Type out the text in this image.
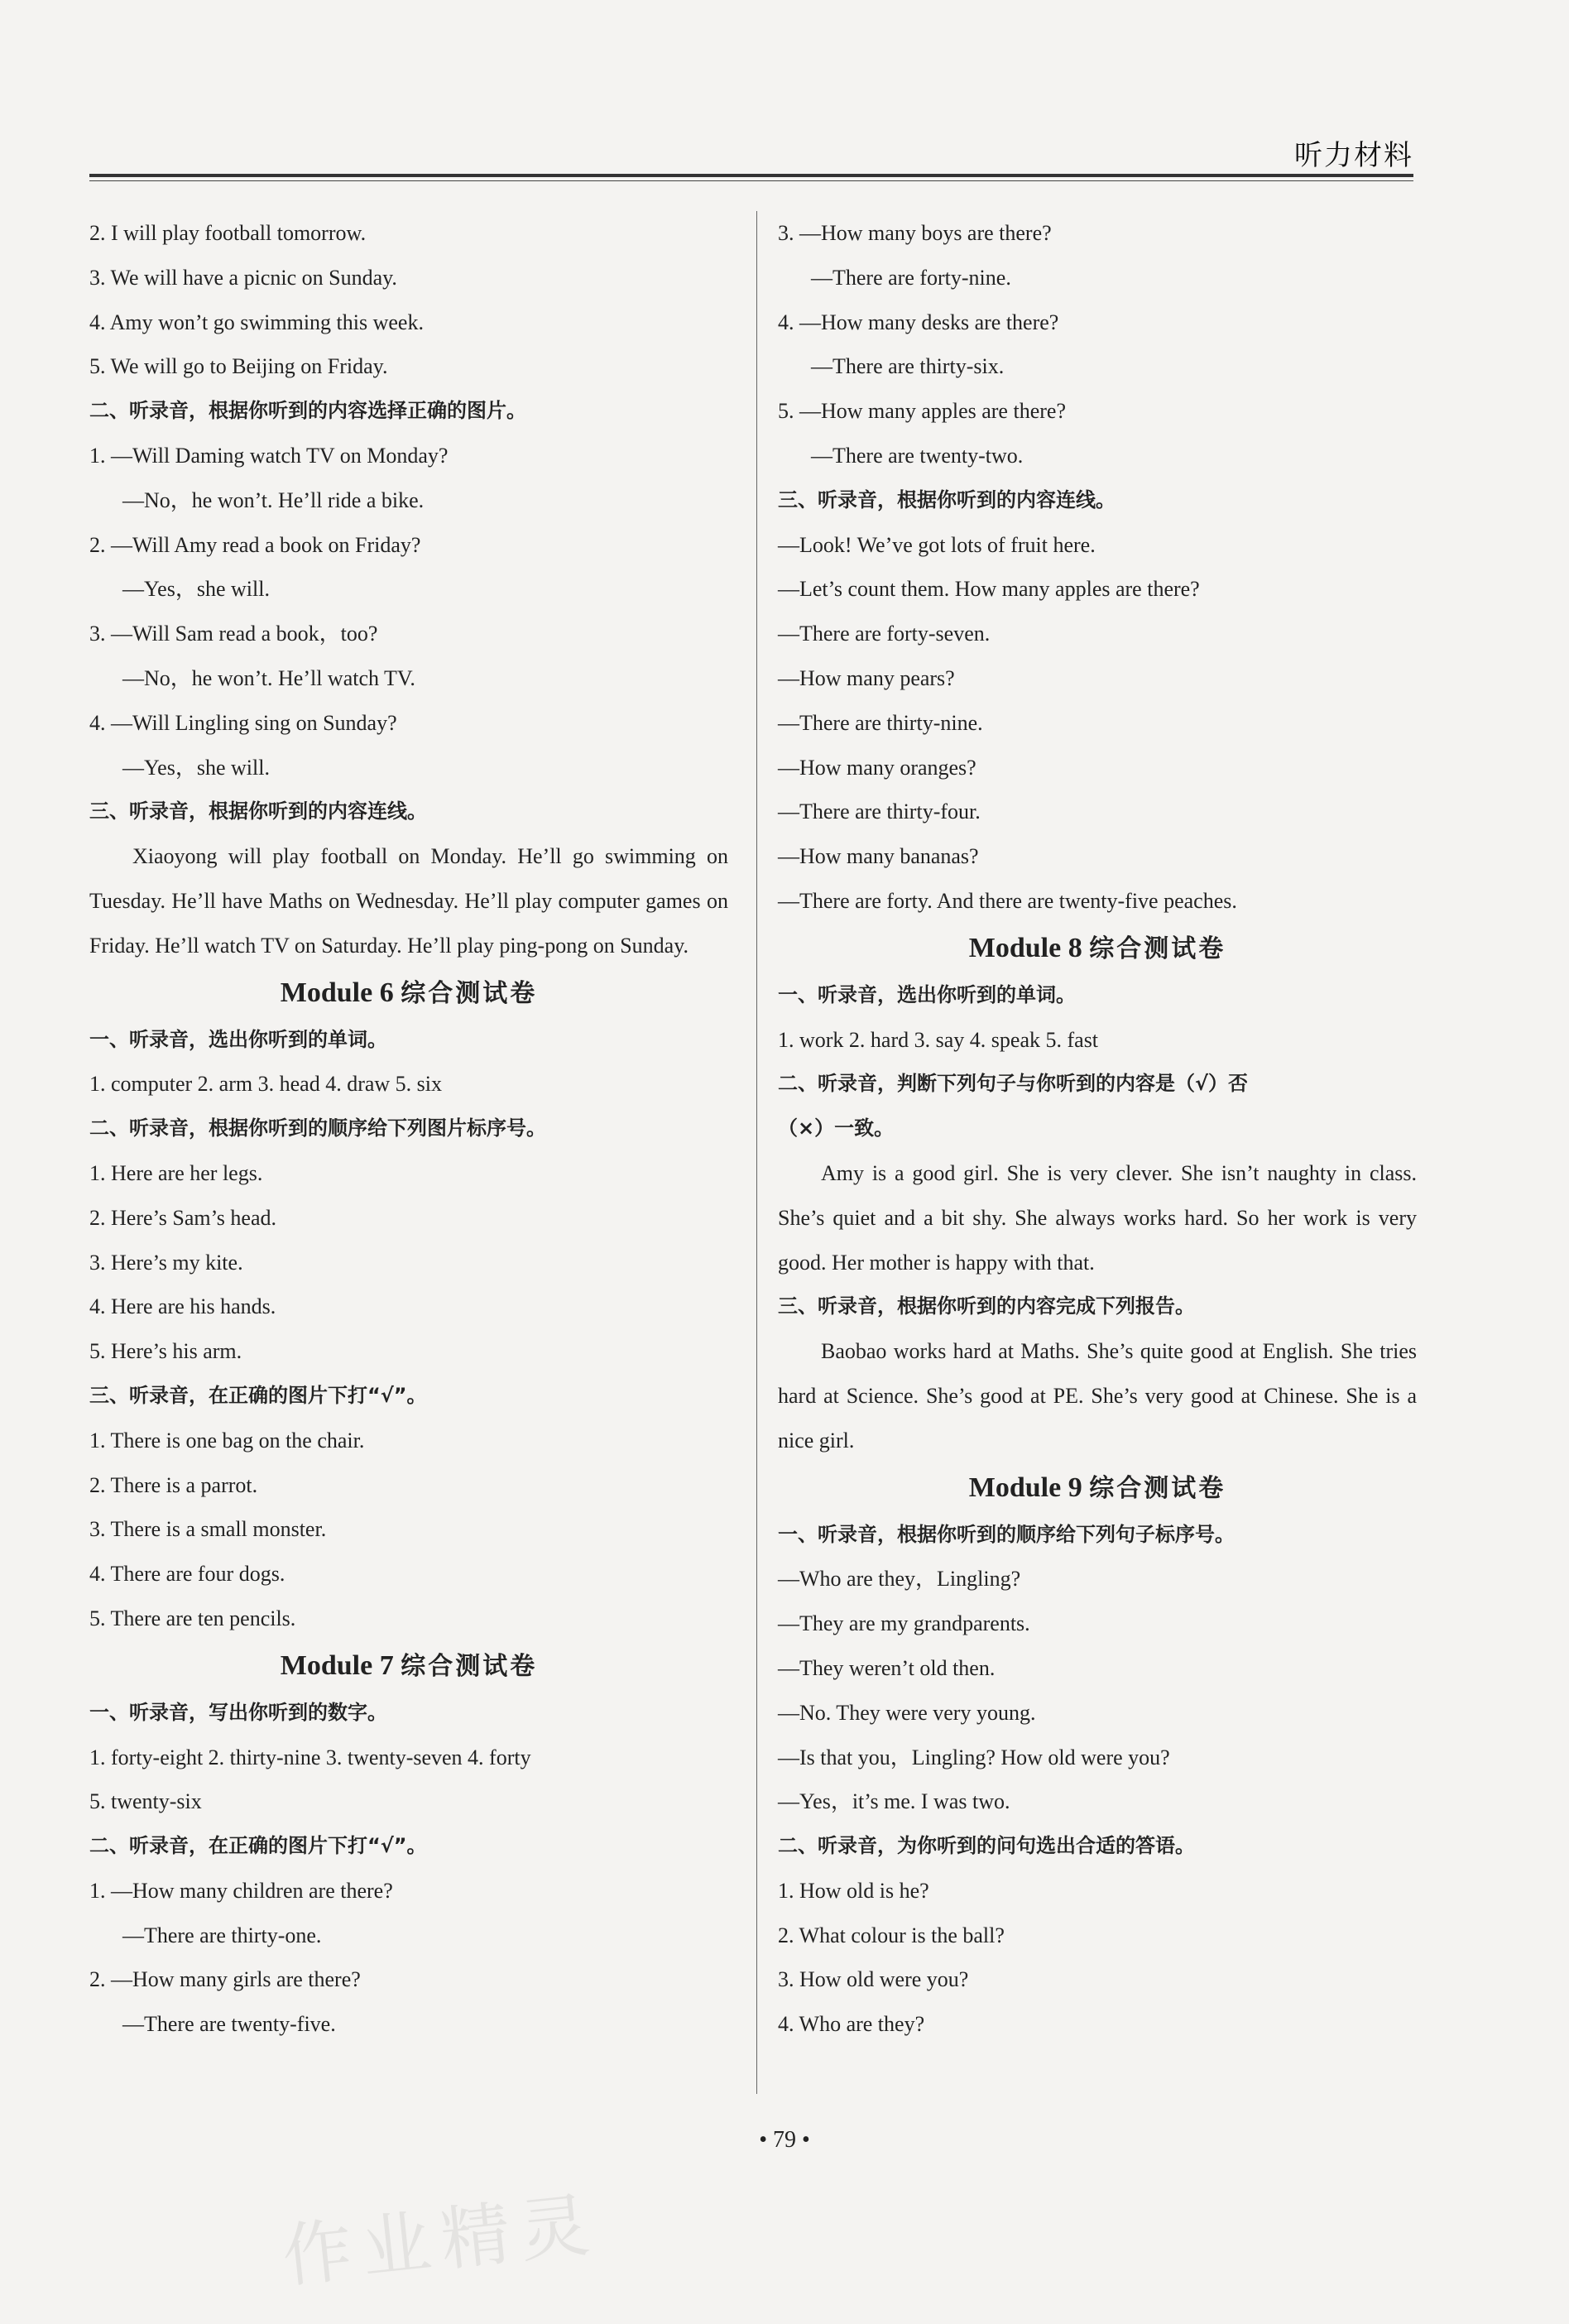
听力材料
2. I will play football tomorrow.
3. We will have a picnic on Sunday.
4. Amy won’t go swimming this week.
5. We will go to Beijing on Friday.
二、听录音，根据你听到的内容选择正确的图片。
1. —Will Daming watch TV on Monday?
—No，he won’t. He’ll ride a bike.
2. —Will Amy read a book on Friday?
—Yes，she will.
3. —Will Sam read a book，too?
—No，he won’t. He’ll watch TV.
4. —Will Lingling sing on Sunday?
—Yes，she will.
三、听录音，根据你听到的内容连线。
Xiaoyong will play football on Monday. He’ll go swimming on Tuesday. He’ll have Maths on Wednesday. He’ll play computer games on Friday. He’ll watch TV on Saturday. He’ll play ping-pong on Sunday.
Module 6 综合测试卷
一、听录音，选出你听到的单词。
1. computer 2. arm 3. head 4. draw 5. six
二、听录音，根据你听到的顺序给下列图片标序号。
1. Here are her legs.
2. Here’s Sam’s head.
3. Here’s my kite.
4. Here are his hands.
5. Here’s his arm.
三、听录音，在正确的图片下打“√”。
1. There is one bag on the chair.
2. There is a parrot.
3. There is a small monster.
4. There are four dogs.
5. There are ten pencils.
Module 7 综合测试卷
一、听录音，写出你听到的数字。
1. forty-eight 2. thirty-nine 3. twenty-seven 4. forty
5. twenty-six
二、听录音，在正确的图片下打“√”。
1. —How many children are there?
—There are thirty-one.
2. —How many girls are there?
—There are twenty-five.
3. —How many boys are there?
—There are forty-nine.
4. —How many desks are there?
—There are thirty-six.
5. —How many apples are there?
—There are twenty-two.
三、听录音，根据你听到的内容连线。
—Look! We’ve got lots of fruit here.
—Let’s count them. How many apples are there?
—There are forty-seven.
—How many pears?
—There are thirty-nine.
—How many oranges?
—There are thirty-four.
—How many bananas?
—There are forty. And there are twenty-five peaches.
Module 8 综合测试卷
一、听录音，选出你听到的单词。
1. work 2. hard 3. say 4. speak 5. fast
二、听录音，判断下列句子与你听到的内容是（√）否
（×）一致。
Amy is a good girl. She is very clever. She isn’t naughty in class. She’s quiet and a bit shy. She always works hard. So her work is very good. Her mother is happy with that.
三、听录音，根据你听到的内容完成下列报告。
Baobao works hard at Maths. She’s quite good at English. She tries hard at Science. She’s good at PE. She’s very good at Chinese. She is a nice girl.
Module 9 综合测试卷
一、听录音，根据你听到的顺序给下列句子标序号。
—Who are they，Lingling?
—They are my grandparents.
—They weren’t old then.
—No. They were very young.
—Is that you，Lingling? How old were you?
—Yes，it’s me. I was two.
二、听录音，为你听到的问句选出合适的答语。
1. How old is he?
2. What colour is the ball?
3. How old were you?
4. Who are they?
• 79 •
作业精灵
